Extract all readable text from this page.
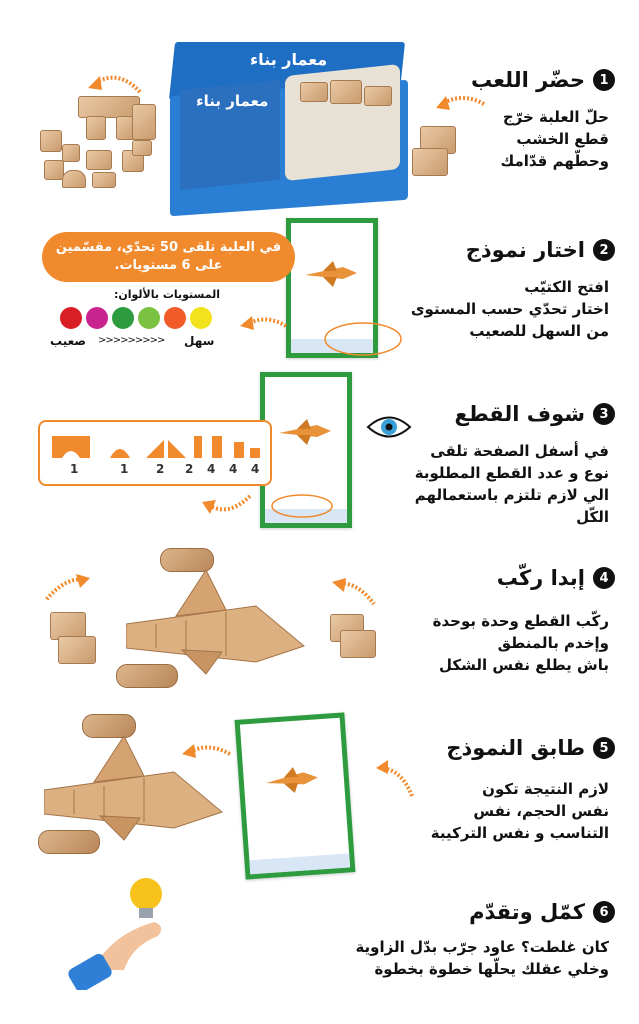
1
حضّر اللعب
حلّ العلبة خرّج
قطع الخشب
وحطّهم قدّامك
معمار بناء
معمار بناء
2
اختار نموذج
افتح الكتيّب
اختار تحدّي حسب المستوى
من السهل للصعيب
في العلبة تلقى 50 تحدّي، مقسّمين
على 6 مستويات.
المستويات بالألوان:
صعيب >>>>>>>>> سهل
3
شوف القطع
في أسفل الصفحة تلقى
نوع و عدد القطع المطلوبة
الي لازم تلتزم باستعمالهم
الكّل
1	1 2 2 4 4 4
4
إبدا ركّب
ركّب القطع وحدة بوحدة
وإخدم بالمنطق
باش يطلع نفس الشكل
5
طابق النموذج
لازم النتيجة تكون
نفس الحجم، نفس
التناسب و نفس التركيبة
6
كمّل وتقدّم
كان غلطت؟ عاود جرّب بدّل الزاوية
وخلي عقلك يحلّها خطوة بخطوة
